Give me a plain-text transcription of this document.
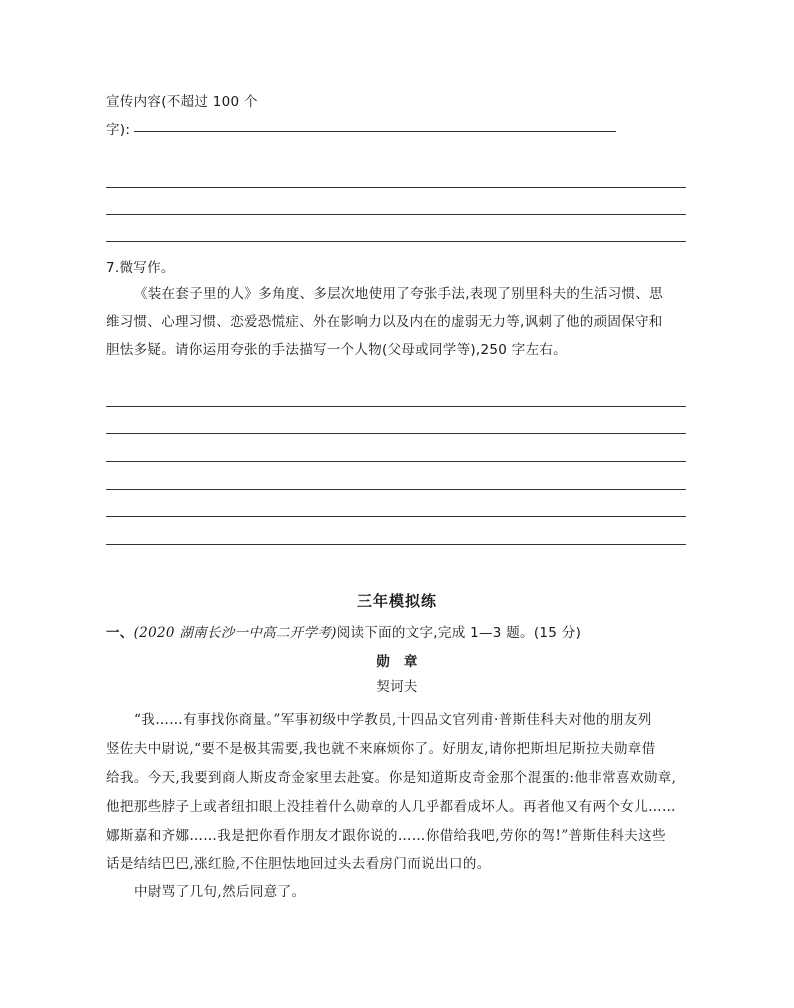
宣传内容(不超过 100 个
字):
7.微写作。
《装在套子里的人》多角度、多层次地使用了夸张手法,表现了别里科夫的生活习惯、思
维习惯、心理习惯、恋爱恐慌症、外在影响力以及内在的虚弱无力等,讽刺了他的顽固保守和
胆怯多疑。请你运用夸张的手法描写一个人物(父母或同学等),250 字左右。
三年模拟练
一、(2020 湖南长沙一中高二开学考)阅读下面的文字,完成 1—3 题。(15 分)
勋　章
契诃夫
“我……有事找你商量。”军事初级中学教员,十四品文官列甫·普斯佳科夫对他的朋友列
竖佐夫中尉说,“要不是极其需要,我也就不来麻烦你了。好朋友,请你把斯坦尼斯拉夫勋章借
给我。今天,我要到商人斯皮奇金家里去赴宴。你是知道斯皮奇金那个混蛋的:他非常喜欢勋章,
他把那些脖子上或者纽扣眼上没挂着什么勋章的人几乎都看成坏人。再者他又有两个女儿……
娜斯嘉和齐娜……我是把你看作朋友才跟你说的……你借给我吧,劳你的驾!”普斯佳科夫这些
话是结结巴巴,涨红脸,不住胆怯地回过头去看房门而说出口的。
中尉骂了几句,然后同意了。
